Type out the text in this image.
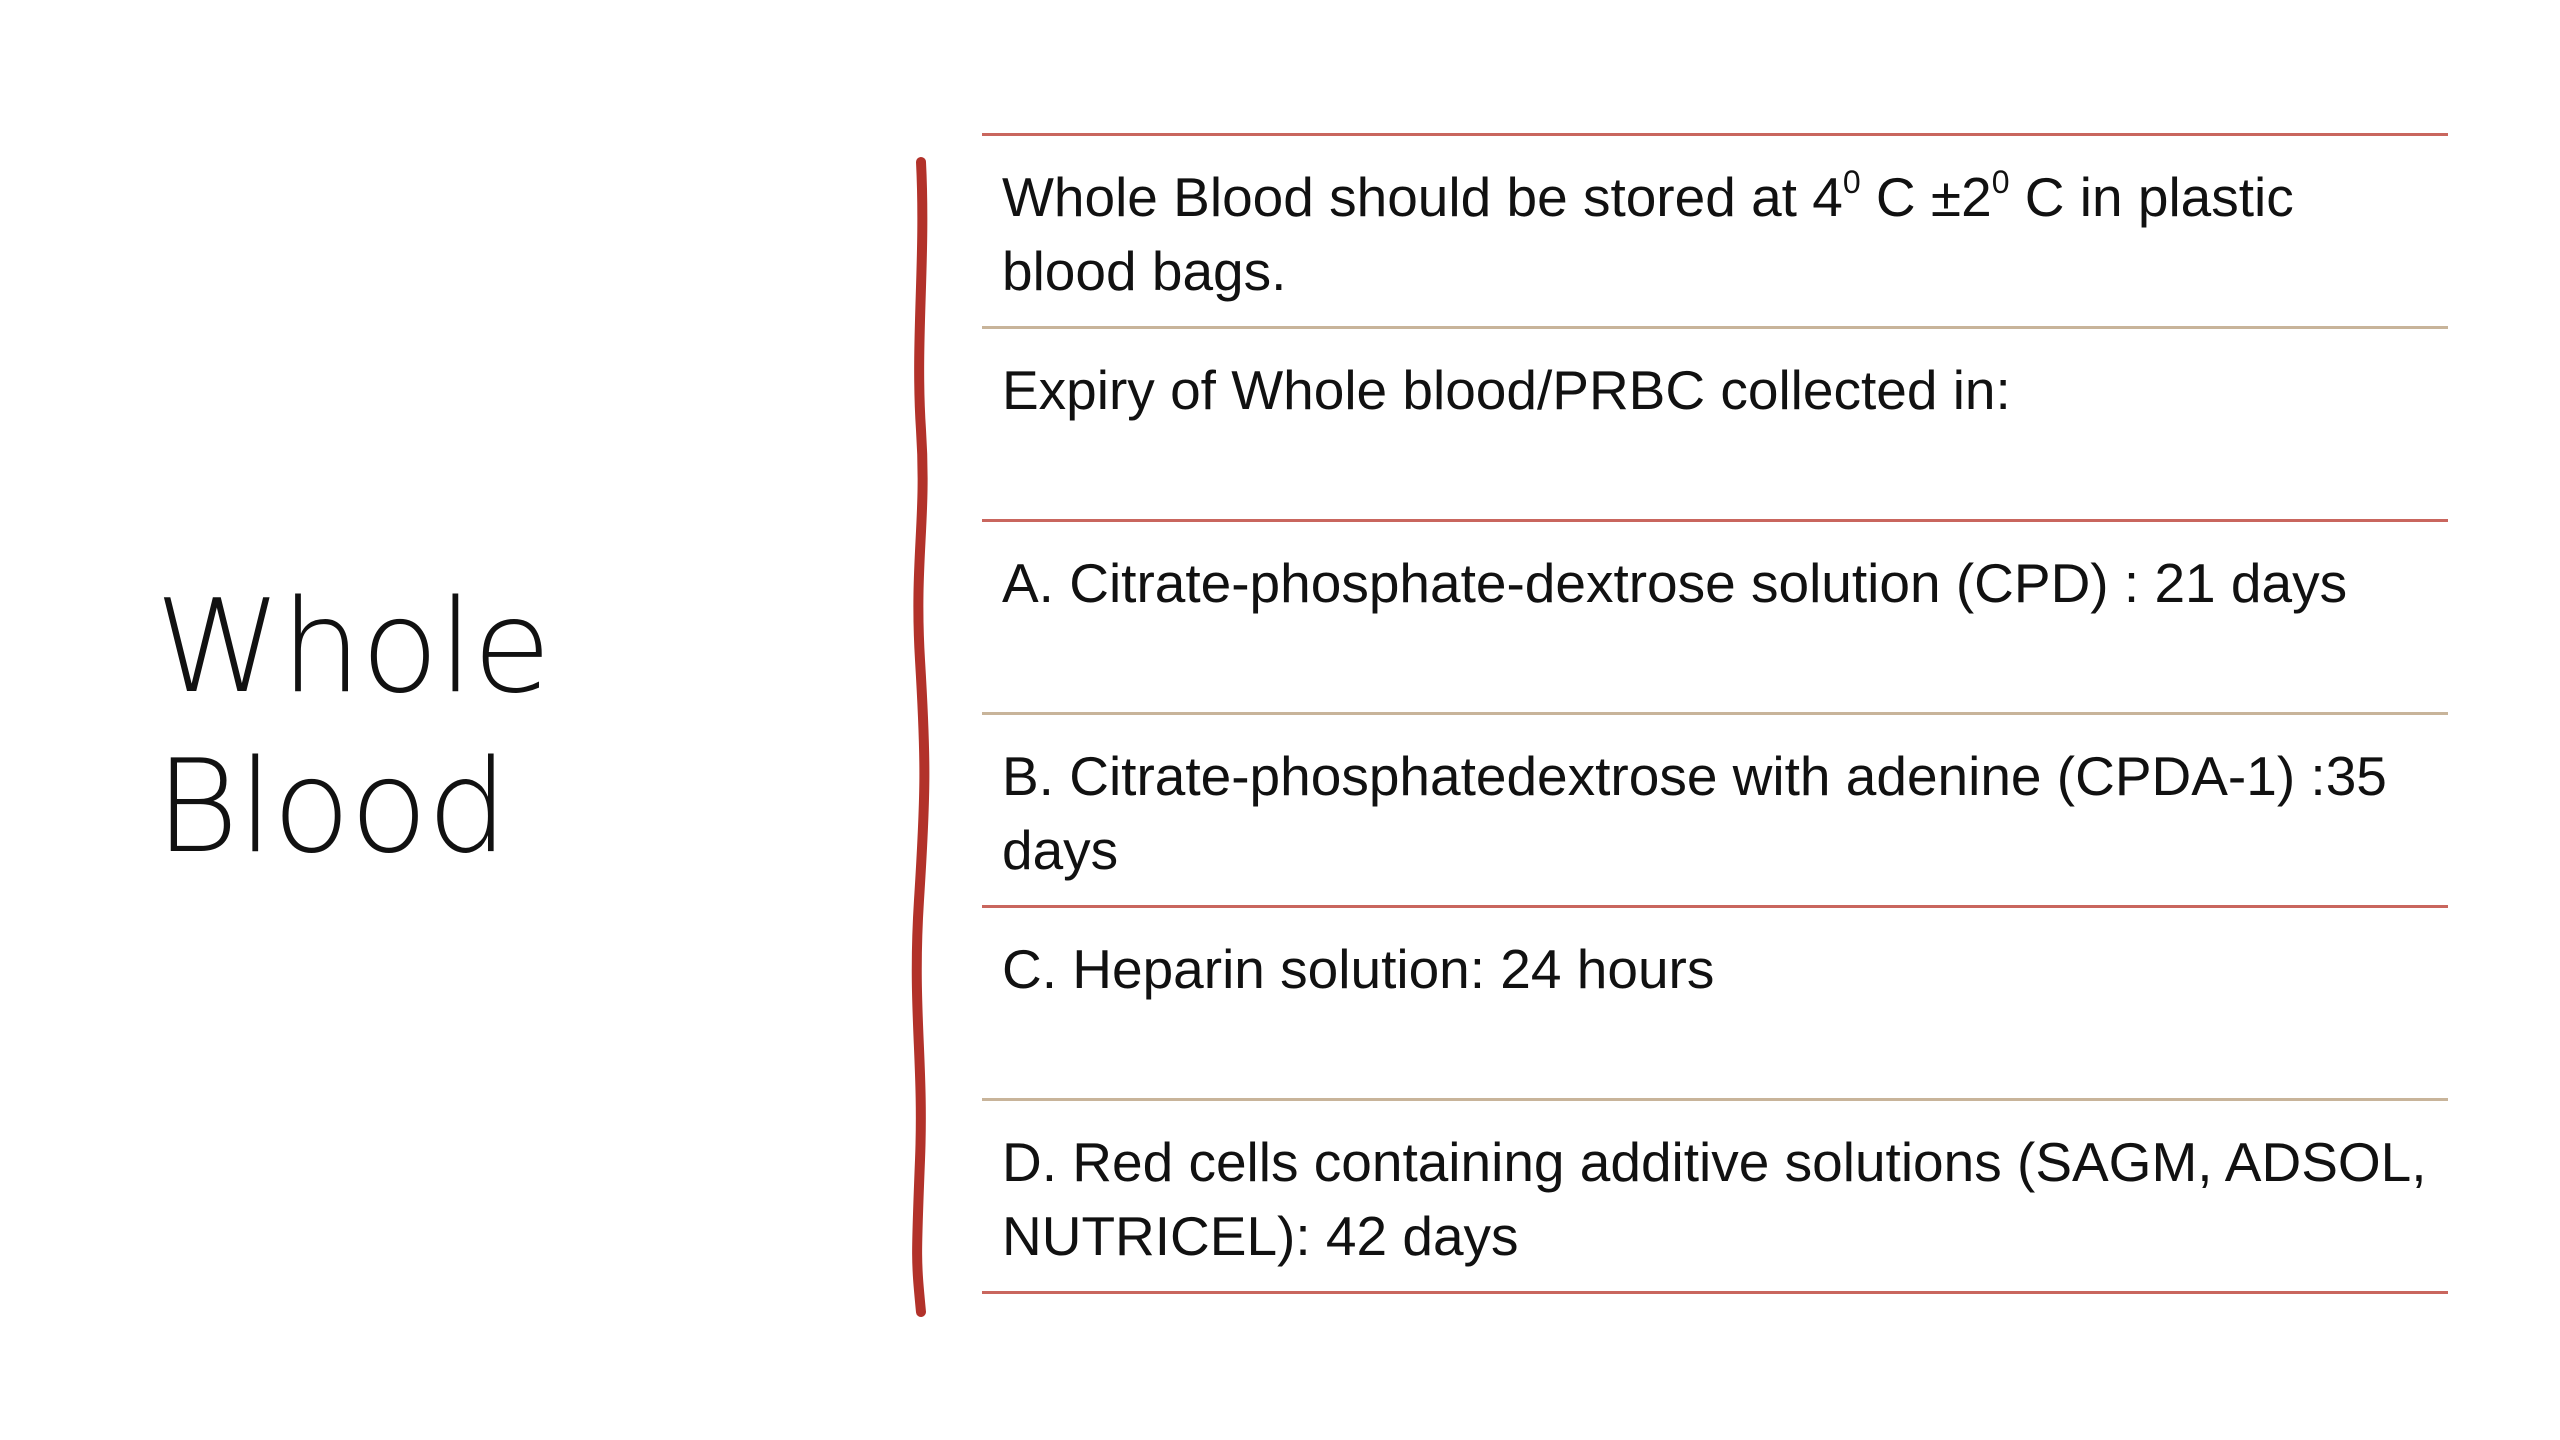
Whole
Blood
Whole Blood should be stored at $4^0$ $C \pm 2^0$ C in plastic blood bags.
Expiry of Whole blood/PRBC collected in:
A. Citrate-phosphate-dextrose solution (CPD) : 21 days
B. Citrate-phosphatedextrose with adenine (CPDA-1) :35 days
C. Heparin solution: 24 hours
D. Red cells containing additive solutions (SAGM, ADSOL, NUTRICEL): 42 days
